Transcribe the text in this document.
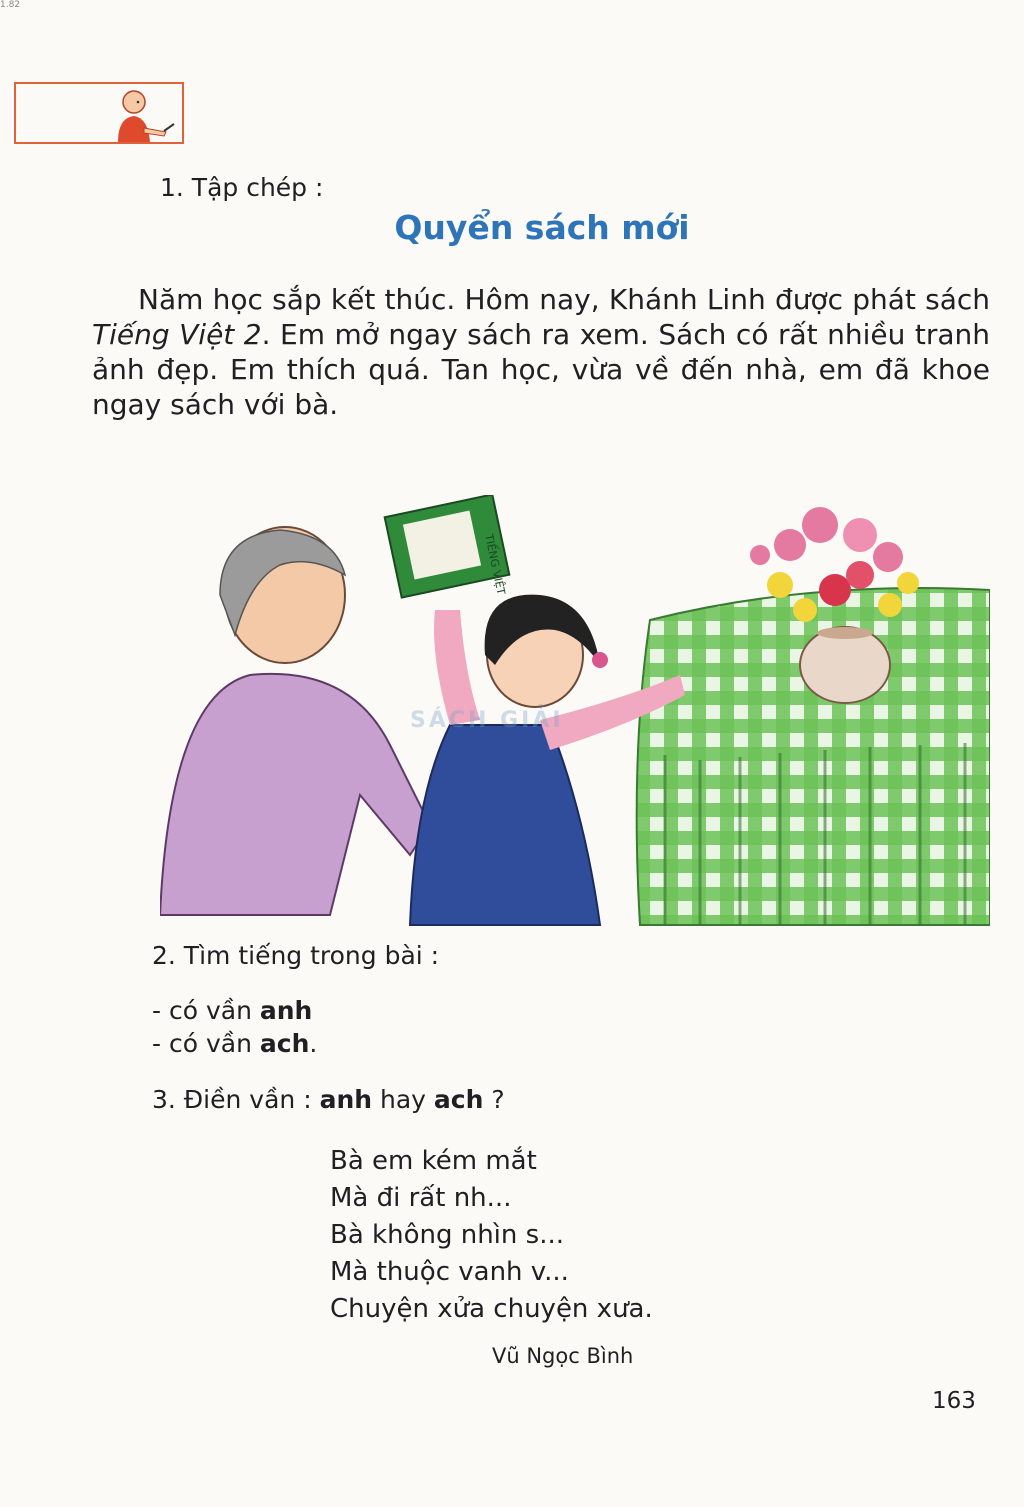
1.82
1. Tập chép :
Quyển sách mới
Năm học sắp kết thúc. Hôm nay, Khánh Linh được phát sách Tiếng Việt 2. Em mở ngay sách ra xem. Sách có rất nhiều tranh ảnh đẹp. Em thích quá. Tan học, vừa về đến nhà, em đã khoe ngay sách với bà.
TIẾNG VIỆT
SÁCH GIẢI
2. Tìm tiếng trong bài :
- có vần anh
- có vần ach.
3. Điền vần : anh hay ach ?
Bà em kém mắt
Mà đi rất nh...
Bà không nhìn s...
Mà thuộc vanh v...
Chuyện xửa chuyện xưa.
Vũ Ngọc Bình
163
